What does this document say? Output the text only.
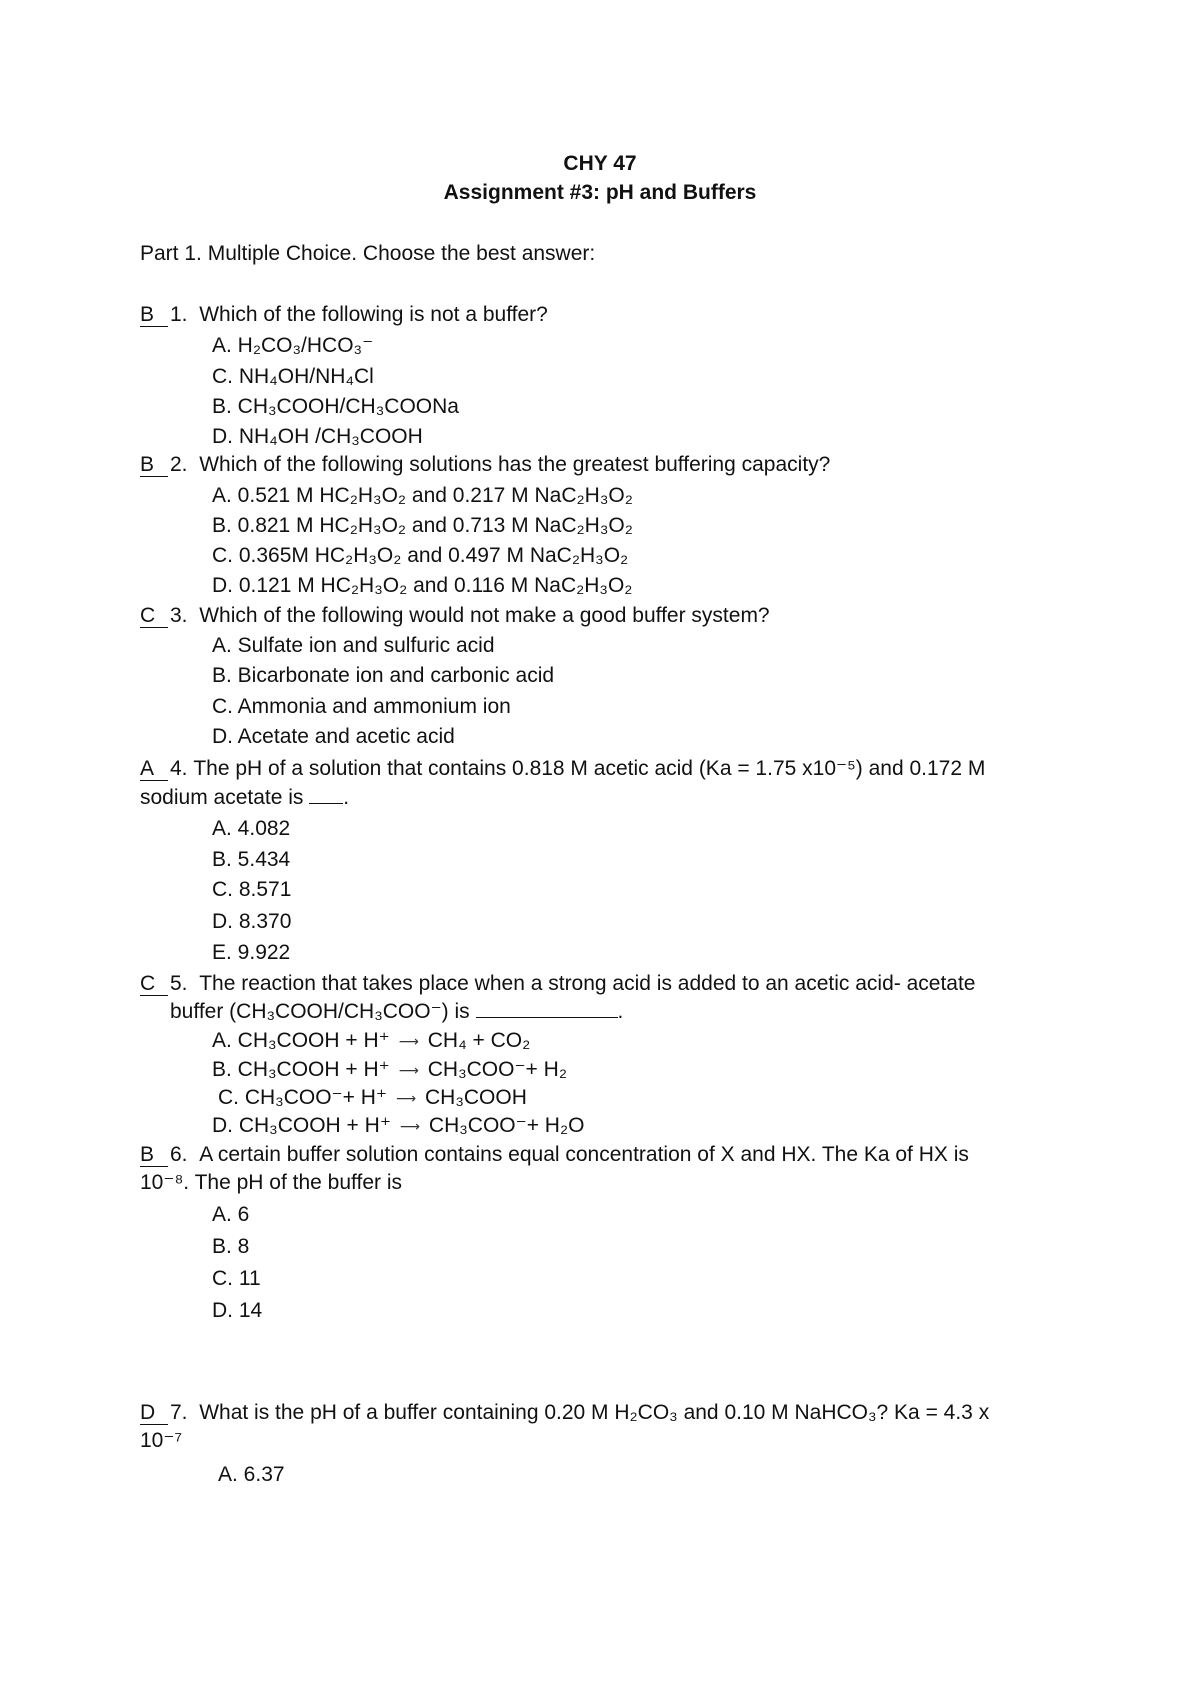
CHY 47
Assignment #3: pH and Buffers
Part 1. Multiple Choice. Choose the best answer:
B 1. Which of the following is not a buffer?
A. H₂CO₃/HCO₃⁻
C. NH₄OH/NH₄Cl
B. CH₃COOH/CH₃COONa
D. NH₄OH /CH₃COOH
B 2. Which of the following solutions has the greatest buffering capacity?
A. 0.521 M HC₂H₃O₂ and 0.217 M NaC₂H₃O₂
B. 0.821 M HC₂H₃O₂ and 0.713 M NaC₂H₃O₂
C. 0.365M HC₂H₃O₂ and 0.497 M NaC₂H₃O₂
D. 0.121 M HC₂H₃O₂ and 0.116 M NaC₂H₃O₂
C 3. Which of the following would not make a good buffer system?
A. Sulfate ion and sulfuric acid
B. Bicarbonate ion and carbonic acid
C. Ammonia and ammonium ion
D. Acetate and acetic acid
A 4. The pH of a solution that contains 0.818 M acetic acid (Ka = 1.75 x10⁻⁵) and 0.172 M
sodium acetate is .
A. 4.082
B. 5.434
C. 8.571
D. 8.370
E. 9.922
C 5. The reaction that takes place when a strong acid is added to an acetic acid- acetate
buffer (CH₃COOH/CH₃COO⁻) is	.
A. CH₃COOH + H⁺ ⟶ CH₄ + CO₂
B. CH₃COOH + H⁺ ⟶ CH₃COO⁻+ H₂
C. CH₃COO⁻+ H⁺ ⟶ CH₃COOH
D. CH₃COOH + H⁺ ⟶ CH₃COO⁻+ H₂O
B 6. A certain buffer solution contains equal concentration of X and HX. The Ka of HX is
10⁻⁸. The pH of the buffer is
A. 6
B. 8
C. 11
D. 14
D 7. What is the pH of a buffer containing 0.20 M H₂CO₃ and 0.10 M NaHCO₃? Ka = 4.3 x
10⁻⁷
A. 6.37
